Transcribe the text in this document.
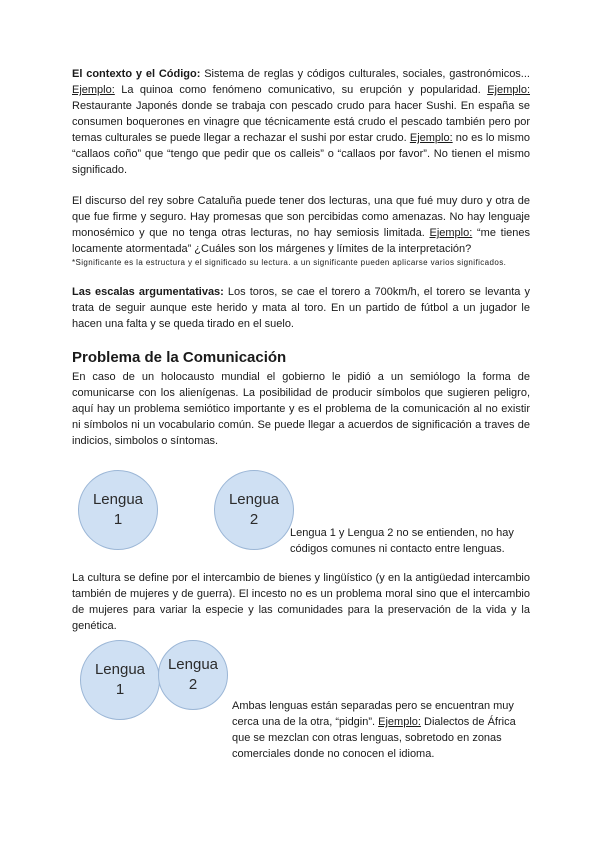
El contexto y el Código: Sistema de reglas y códigos culturales, sociales, gastronómicos... Ejemplo: La quinoa como fenómeno comunicativo, su erupción y popularidad. Ejemplo: Restaurante Japonés donde se trabaja con pescado crudo para hacer Sushi. En españa se consumen boquerones en vinagre que técnicamente está crudo el pescado también pero por temas culturales se puede llegar a rechazar el sushi por estar crudo. Ejemplo: no es lo mismo “callaos coño” que “tengo que pedir que os calleis” o “callaos por favor”. No tienen el mismo significado.

El discurso del rey sobre Cataluña puede tener dos lecturas, una que fué muy duro y otra de que fue firme y seguro. Hay promesas que son percibidas como amenazas. No hay lenguaje monosémico y que no tenga otras lecturas, no hay semiosis limitada. Ejemplo: “me tienes locamente atormentada” ¿Cuáles son los márgenes y límites de la interpretación?

*Significante es la estructura y el significado su lectura. a un significante pueden aplicarse varios significados.

Las escalas argumentativas: Los toros, se cae el torero a 700km/h, el torero se levanta y trata de seguir aunque este herido y mata al toro. En un partido de fútbol a un jugador le hacen una falta y se queda tirado en el suelo.

Problema de la Comunicación

En caso de un holocausto mundial el gobierno le pidió a un semiólogo la forma de comunicarse con los alienígenas. La posibilidad de producir símbolos que sugieren peligro, aquí hay un problema semiótico importante y es el problema de la comunicación al no existir ni símbolos ni un vocabulario común. Se puede llegar a acuerdos de significación a traves de indicios, simbolos o síntomas.

Lengua
1
Lengua
2

Lengua 1 y Lengua 2 no se entienden, no hay códigos comunes ni contacto entre lenguas.

La cultura se define por el intercambio de bienes y lingüístico (y en la antigüedad intercambio también de mujeres y de guerra). El incesto no es un problema moral sino que el intercambio de mujeres para variar la especie y las comunidades para la preservación de la vida y la genética.

Lengua
1
Lengua
2

Ambas lenguas están separadas pero se encuentran muy cerca una de la otra, “pidgin”. Ejemplo: Dialectos de África que se mezclan con otras lenguas, sobretodo en zonas comerciales donde no conocen el idioma.
